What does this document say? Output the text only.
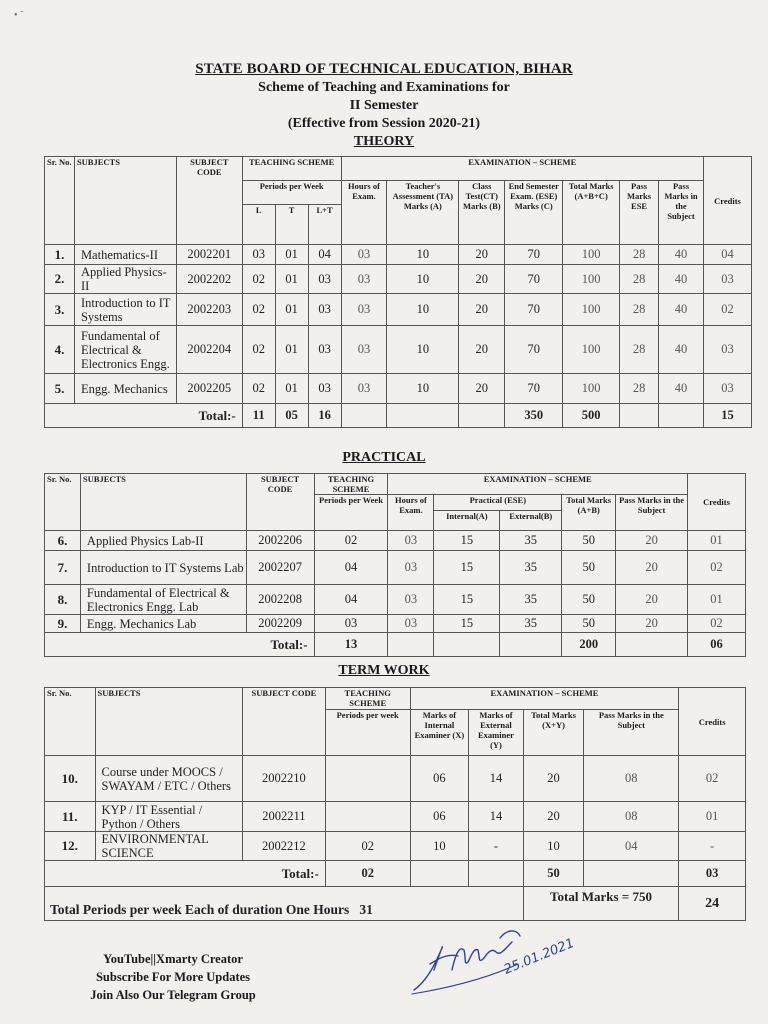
• ˜
STATE BOARD OF TECHNICAL EDUCATION, BIHAR
Scheme of Teaching and Examinations for
II Semester
(Effective from Session 2020-21)
THEORY
Sr. No.	SUBJECTS	SUBJECT CODE	TEACHING SCHEME			EXAMINATION – SCHEME							Credits
			Periods per Week			Hours of Exam.	Teacher's Assessment (TA) Marks (A)	Class Test(CT) Marks (B)	End Semester Exam. (ESE) Marks (C)	Total Marks (A+B+C)	Pass Marks ESE	Pass Marks in the Subject	
			L	T	L+T								
1.	Mathematics-II	2002201	03	01	04	03	10	20	70	100	28	40	04
2.	Applied Physics-II	2002202	02	01	03	03	10	20	70	100	28	40	03
3.	Introduction to IT Systems	2002203	02	01	03	03	10	20	70	100	28	40	02
4.	Fundamental of Electrical & Electronics Engg.	2002204	02	01	03	03	10	20	70	100	28	40	03
5.	Engg. Mechanics	2002205	02	01	03	03	10	20	70	100	28	40	03
Total:-			11	05	16				350	500			15
PRACTICAL
Sr. No.	SUBJECTS	SUBJECT CODE	TEACHING SCHEME	EXAMINATION – SCHEME					Credits
			Periods per Week	Hours of Exam.	Practical (ESE)		Total Marks (A+B)	Pass Marks in the Subject	
					Internal(A)	External(B)			
6.	Applied Physics Lab-II	2002206	02	03	15	35	50	20	01
7.	Introduction to IT Systems Lab	2002207	04	03	15	35	50	20	02
8.	Fundamental of Electrical & Electronics Engg. Lab	2002208	04	03	15	35	50	20	01
9.	Engg. Mechanics Lab	2002209	03	03	15	35	50	20	02
Total:-			13				200		06
TERM WORK
Sr. No.	SUBJECTS	SUBJECT CODE	TEACHING SCHEME	EXAMINATION – SCHEME				Credits
			Periods per week	Marks of Internal Examiner (X)	Marks of External Examiner (Y)	Total Marks (X+Y)	Pass Marks in the Subject	
10.	Course under MOOCS / SWAYAM / ETC / Others	2002210		06	14	20	08	02
11.	KYP / IT Essential / Python / Others	2002211		06	14	20	08	01
12.	ENVIRONMENTAL SCIENCE	2002212	02	10	-	10	04	-
Total:-			02			50		03
Total Periods per week Each of duration One Hours 31						Total Marks = 750		24
YouTube||Xmarty Creator
Subscribe For More Updates
Join Also Our Telegram Group
25.01.2021
